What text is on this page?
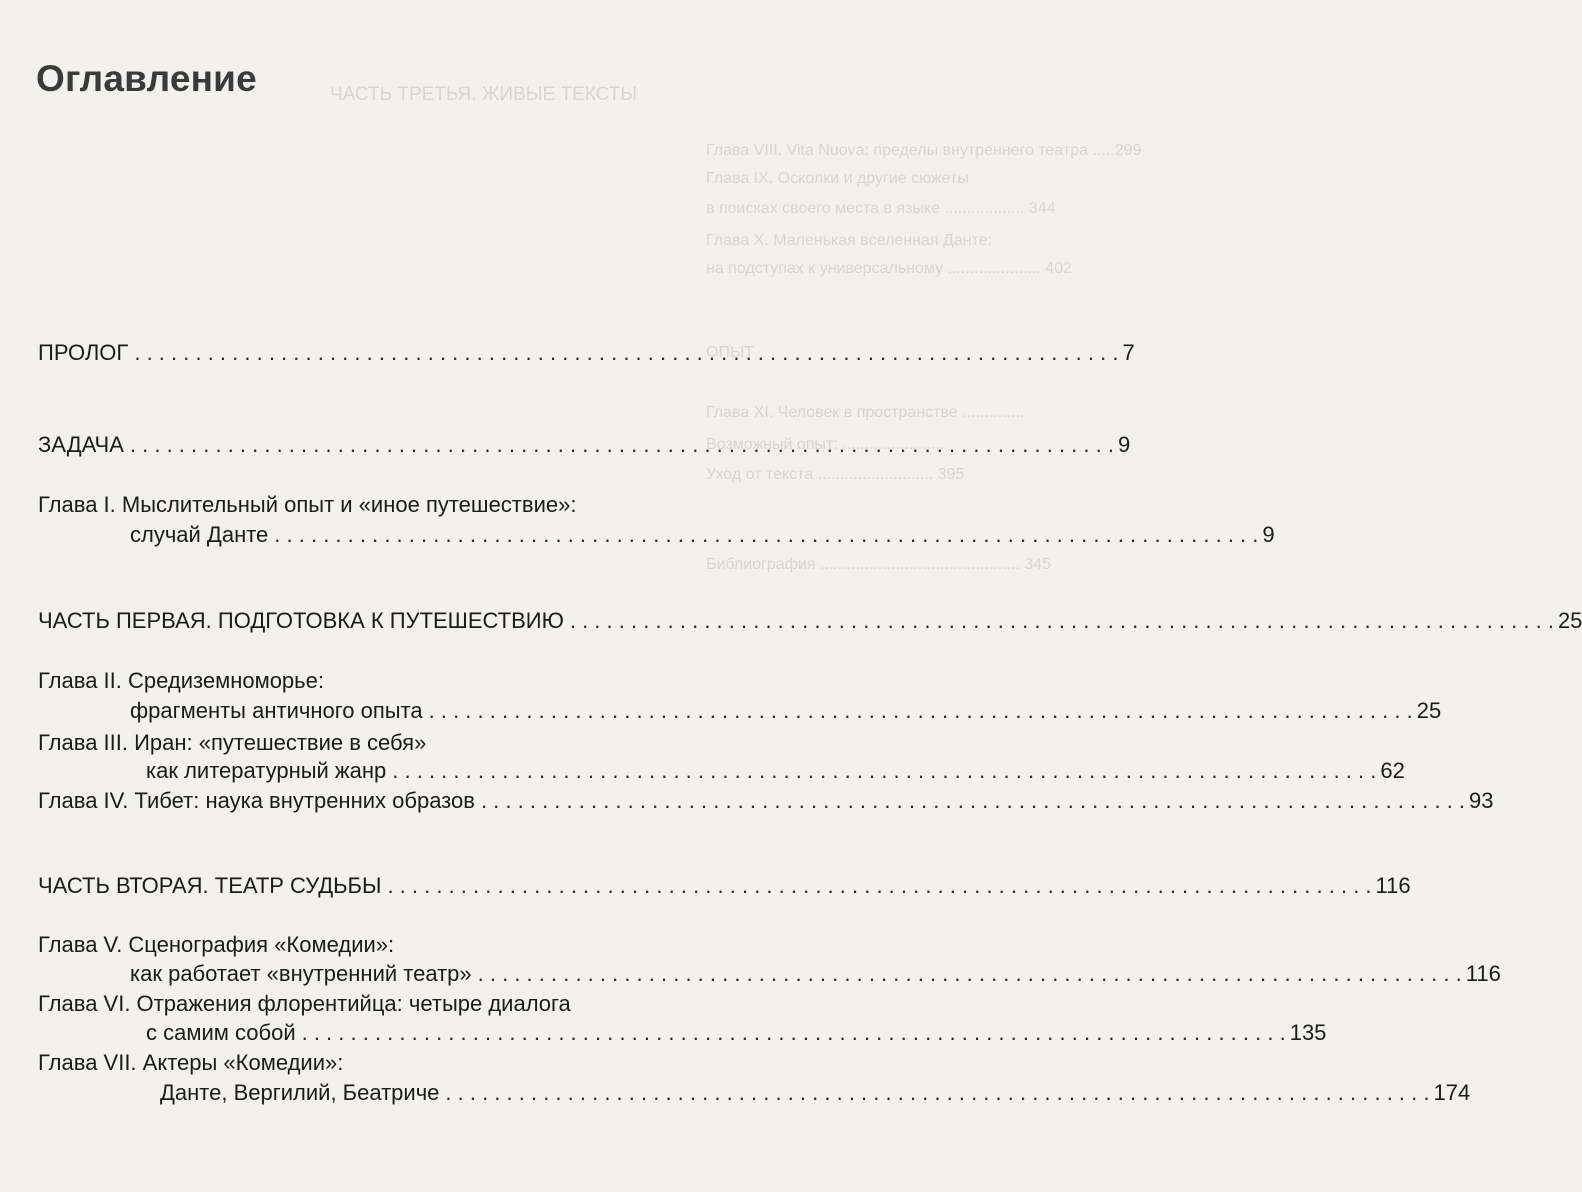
ЧАСТЬ ТРЕТЬЯ. ЖИВЫЕ ТЕКСТЫ
Глава VIII. Vita Nuova: пределы внутреннего театра .....299
Глава IX. Осколки и другие сюжеты
в поисках своего места в языке .................. 344
Глава X. Маленькая вселенная Данте:
на подступах к универсальному ..................... 402
ОПЫТ
Глава XI. Человек в пространстве ..............
Возможный опыт: .......................
Уход от текста .......................... 395
Библиография ............................................. 345
Оглавление
ПРОЛОГ . . .	7
ЗАДАЧА . . .	9
Глава I. Мыслительный опыт и «иное путешествие»:
случай Данте . . .	9
ЧАСТЬ ПЕРВАЯ. ПОДГОТОВКА К ПУТЕШЕСТВИЮ . . .	25
Глава II. Средиземноморье:
фрагменты античного опыта . . .	25
Глава III. Иран: «путешествие в себя»
как литературный жанр . . .	62
Глава IV. Тибет: наука внутренних образов . . .	93
ЧАСТЬ ВТОРАЯ. ТЕАТР СУДЬБЫ . . .	116
Глава V. Сценография «Комедии»:
как работает «внутренний театр» . . .	116
Глава VI. Отражения флорентийца: четыре диалога
с самим собой . . .	135
Глава VII. Актеры «Комедии»:
Данте, Вергилий, Беатриче . . .	174
